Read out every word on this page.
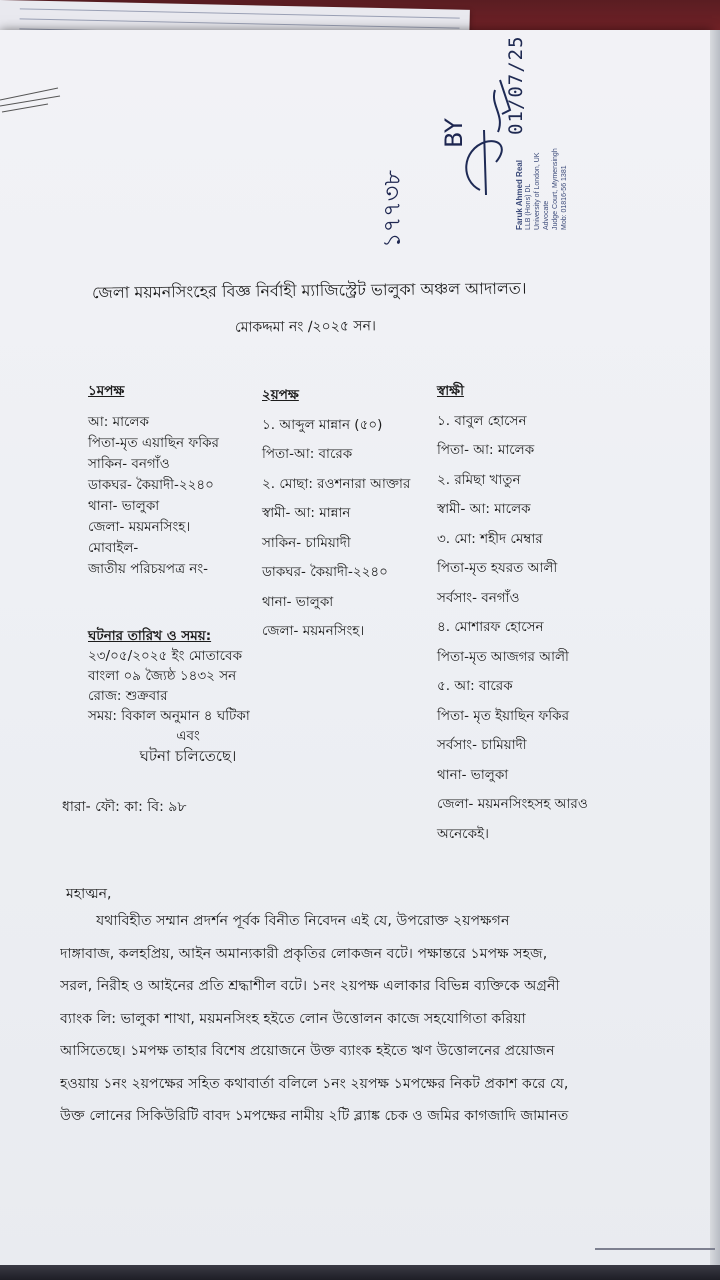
01/07/25
BY
১৭৭৩৮	Faruk Ahmed Real LLB (Hons) DL University of London, UK Advocate Judge Court, Mymensingh Mob: 01816-56 1381
জেলা ময়মনসিংহের বিজ্ঞ নির্বাহী ম্যাজিস্ট্রেট ভালুকা অঞ্চল আদালত।
মোকদ্দমা নং /২০২৫ সন।
১মপক্ষ
আ: মালেক
পিতা-মৃত এয়াছিন ফকির
সাকিন- বনগাঁও
ডাকঘর- কৈয়াদী-২২৪০
থানা- ভালুকা
জেলা- ময়মনসিংহ।
মোবাইল-
জাতীয় পরিচয়পত্র নং-
২য়পক্ষ
১. আব্দুল মান্নান (৫০)
পিতা-আ: বারেক
২. মোছা: রওশনারা আক্তার
স্বামী- আ: মান্নান
সাকিন- চামিয়াদী
ডাকঘর- কৈয়াদী-২২৪০
থানা- ভালুকা
জেলা- ময়মনসিংহ।
স্বাক্ষী
১. বাবুল হোসেন
পিতা- আ: মালেক
২. রমিছা খাতুন
স্বামী- আ: মালেক
৩. মো: শহীদ মেম্বার
পিতা-মৃত হযরত আলী
সর্বসাং- বনগাঁও
৪. মোশারফ হোসেন
পিতা-মৃত আজগর আলী
৫. আ: বারেক
পিতা- মৃত ইয়াছিন ফকির
সর্বসাং- চামিয়াদী
থানা- ভালুকা
জেলা- ময়মনসিংহসহ আরও
অনেকেই।
ঘটনার তারিখ ও সময়:
২৩/০৫/২০২৫ ইং মোতাবেক
বাংলা ০৯ জ্যৈষ্ঠ ১৪৩২ সন
রোজ: শুক্রবার
সময়: বিকাল অনুমান ৪ ঘটিকা
এবং
ঘটনা চলিতেছে।
ধারা- ফৌ: কা: বি: ৯৮
মহাত্মন,
যথাবিহীত সম্মান প্রদর্শন পূর্বক বিনীত নিবেদন এই যে, উপরোক্ত ২য়পক্ষগন
দাঙ্গাবাজ, কলহপ্রিয়, আইন অমান্যকারী প্রকৃতির লোকজন বটে। পক্ষান্তরে ১মপক্ষ সহজ,
সরল, নিরীহ ও আইনের প্রতি শ্রদ্ধাশীল বটে। ১নং ২য়পক্ষ এলাকার বিভিন্ন ব্যক্তিকে অগ্রনী
ব্যাংক লি: ভালুকা শাখা, ময়মনসিংহ হইতে লোন উত্তোলন কাজে সহযোগিতা করিয়া
আসিতেছে। ১মপক্ষ তাহার বিশেষ প্রয়োজনে উক্ত ব্যাংক হইতে ঋণ উত্তোলনের প্রয়োজন
হওয়ায় ১নং ২য়পক্ষের সহিত কথাবার্তা বলিলে ১নং ২য়পক্ষ ১মপক্ষের নিকট প্রকাশ করে যে,
উক্ত লোনের সিকিউরিটি বাবদ ১মপক্ষের নামীয় ২টি ব্ল্যাঙ্ক চেক ও জমির কাগজাদি জামানত
